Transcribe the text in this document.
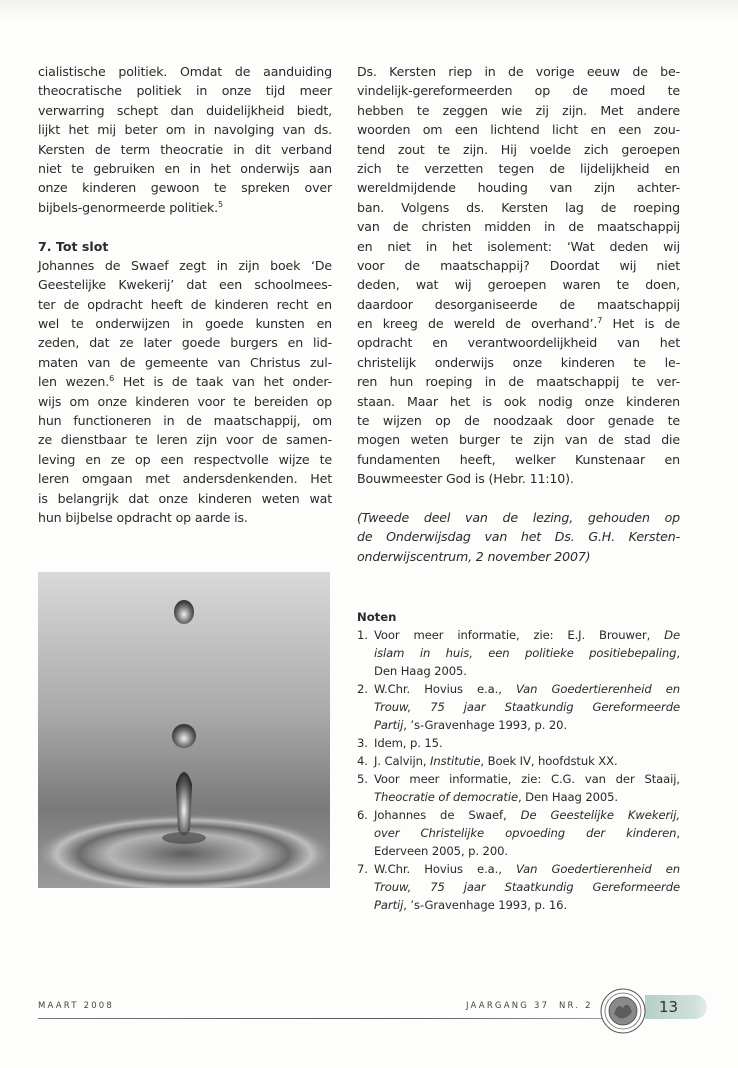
cialistische politiek. Omdat de aanduiding
theocratische politiek in onze tijd meer
verwarring schept dan duidelijkheid biedt,
lijkt het mij beter om in navolging van ds.
Kersten de term theocratie in dit verband
niet te gebruiken en in het onderwijs aan
onze kinderen gewoon te spreken over
bijbels-genormeerde politiek.$^5$
7. Tot slot
Johannes de Swaef zegt in zijn boek ‘De
Geestelijke Kwekerij’ dat een schoolmees-
ter de opdracht heeft de kinderen recht en
wel te onderwijzen in goede kunsten en
zeden, dat ze later goede burgers en lid-
maten van de gemeente van Christus zul-
len wezen.$^6$ Het is de taak van het onder-
wijs om onze kinderen voor te bereiden op
hun functioneren in de maatschappij, om
ze dienstbaar te leren zijn voor de samen-
leving en ze op een respectvolle wijze te
leren omgaan met andersdenkenden. Het
is belangrijk dat onze kinderen weten wat
hun bijbelse opdracht op aarde is.
Ds. Kersten riep in de vorige eeuw de be-
vindelijk-gereformeerden op de moed te
hebben te zeggen wie zij zijn. Met andere
woorden om een lichtend licht en een zou-
tend zout te zijn. Hij voelde zich geroepen
zich te verzetten tegen de lijdelijkheid en
wereldmijdende houding van zijn achter-
ban. Volgens ds. Kersten lag de roeping
van de christen midden in de maatschappij
en niet in het isolement: ‘Wat deden wij
voor de maatschappij? Doordat wij niet
deden, wat wij geroepen waren te doen,
daardoor desorganiseerde de maatschappij
en kreeg de wereld de overhand’.$^7$ Het is de
opdracht en verantwoordelijkheid van het
christelijk onderwijs onze kinderen te le-
ren hun roeping in de maatschappij te ver-
staan. Maar het is ook nodig onze kinderen
te wijzen op de noodzaak door genade te
mogen weten burger te zijn van de stad die
fundamenten heeft, welker Kunstenaar en
Bouwmeester God is (Hebr. 11:10).
(Tweede deel van de lezing, gehouden op
de Onderwijsdag van het Ds. G.H. Kersten-
onderwijscentrum, 2 november 2007)
Noten
1. Voor meer informatie, zie: E.J. Brouwer, De
islam in huis, een politieke positiebepaling,
Den Haag 2005.
2. W.Chr. Hovius e.a., Van Goedertierenheid en
Trouw, 75 jaar Staatkundig Gereformeerde
Partij, ’s-Gravenhage 1993, p. 20.
3. Idem, p. 15.
4. J. Calvijn, Institutie, Boek IV, hoofdstuk XX.
5. Voor meer informatie, zie: C.G. van der Staaij,
Theocratie of democratie, Den Haag 2005.
6. Johannes de Swaef, De Geestelijke Kwekerij,
over Christelijke opvoeding der kinderen,
Ederveen 2005, p. 200.
7. W.Chr. Hovius e.a., Van Goedertierenheid en
Trouw, 75 jaar Staatkundig Gereformeerde
Partij, ’s-Gravenhage 1993, p. 16.
MAART 2008	JAARGANG 37  NR. 2	13
